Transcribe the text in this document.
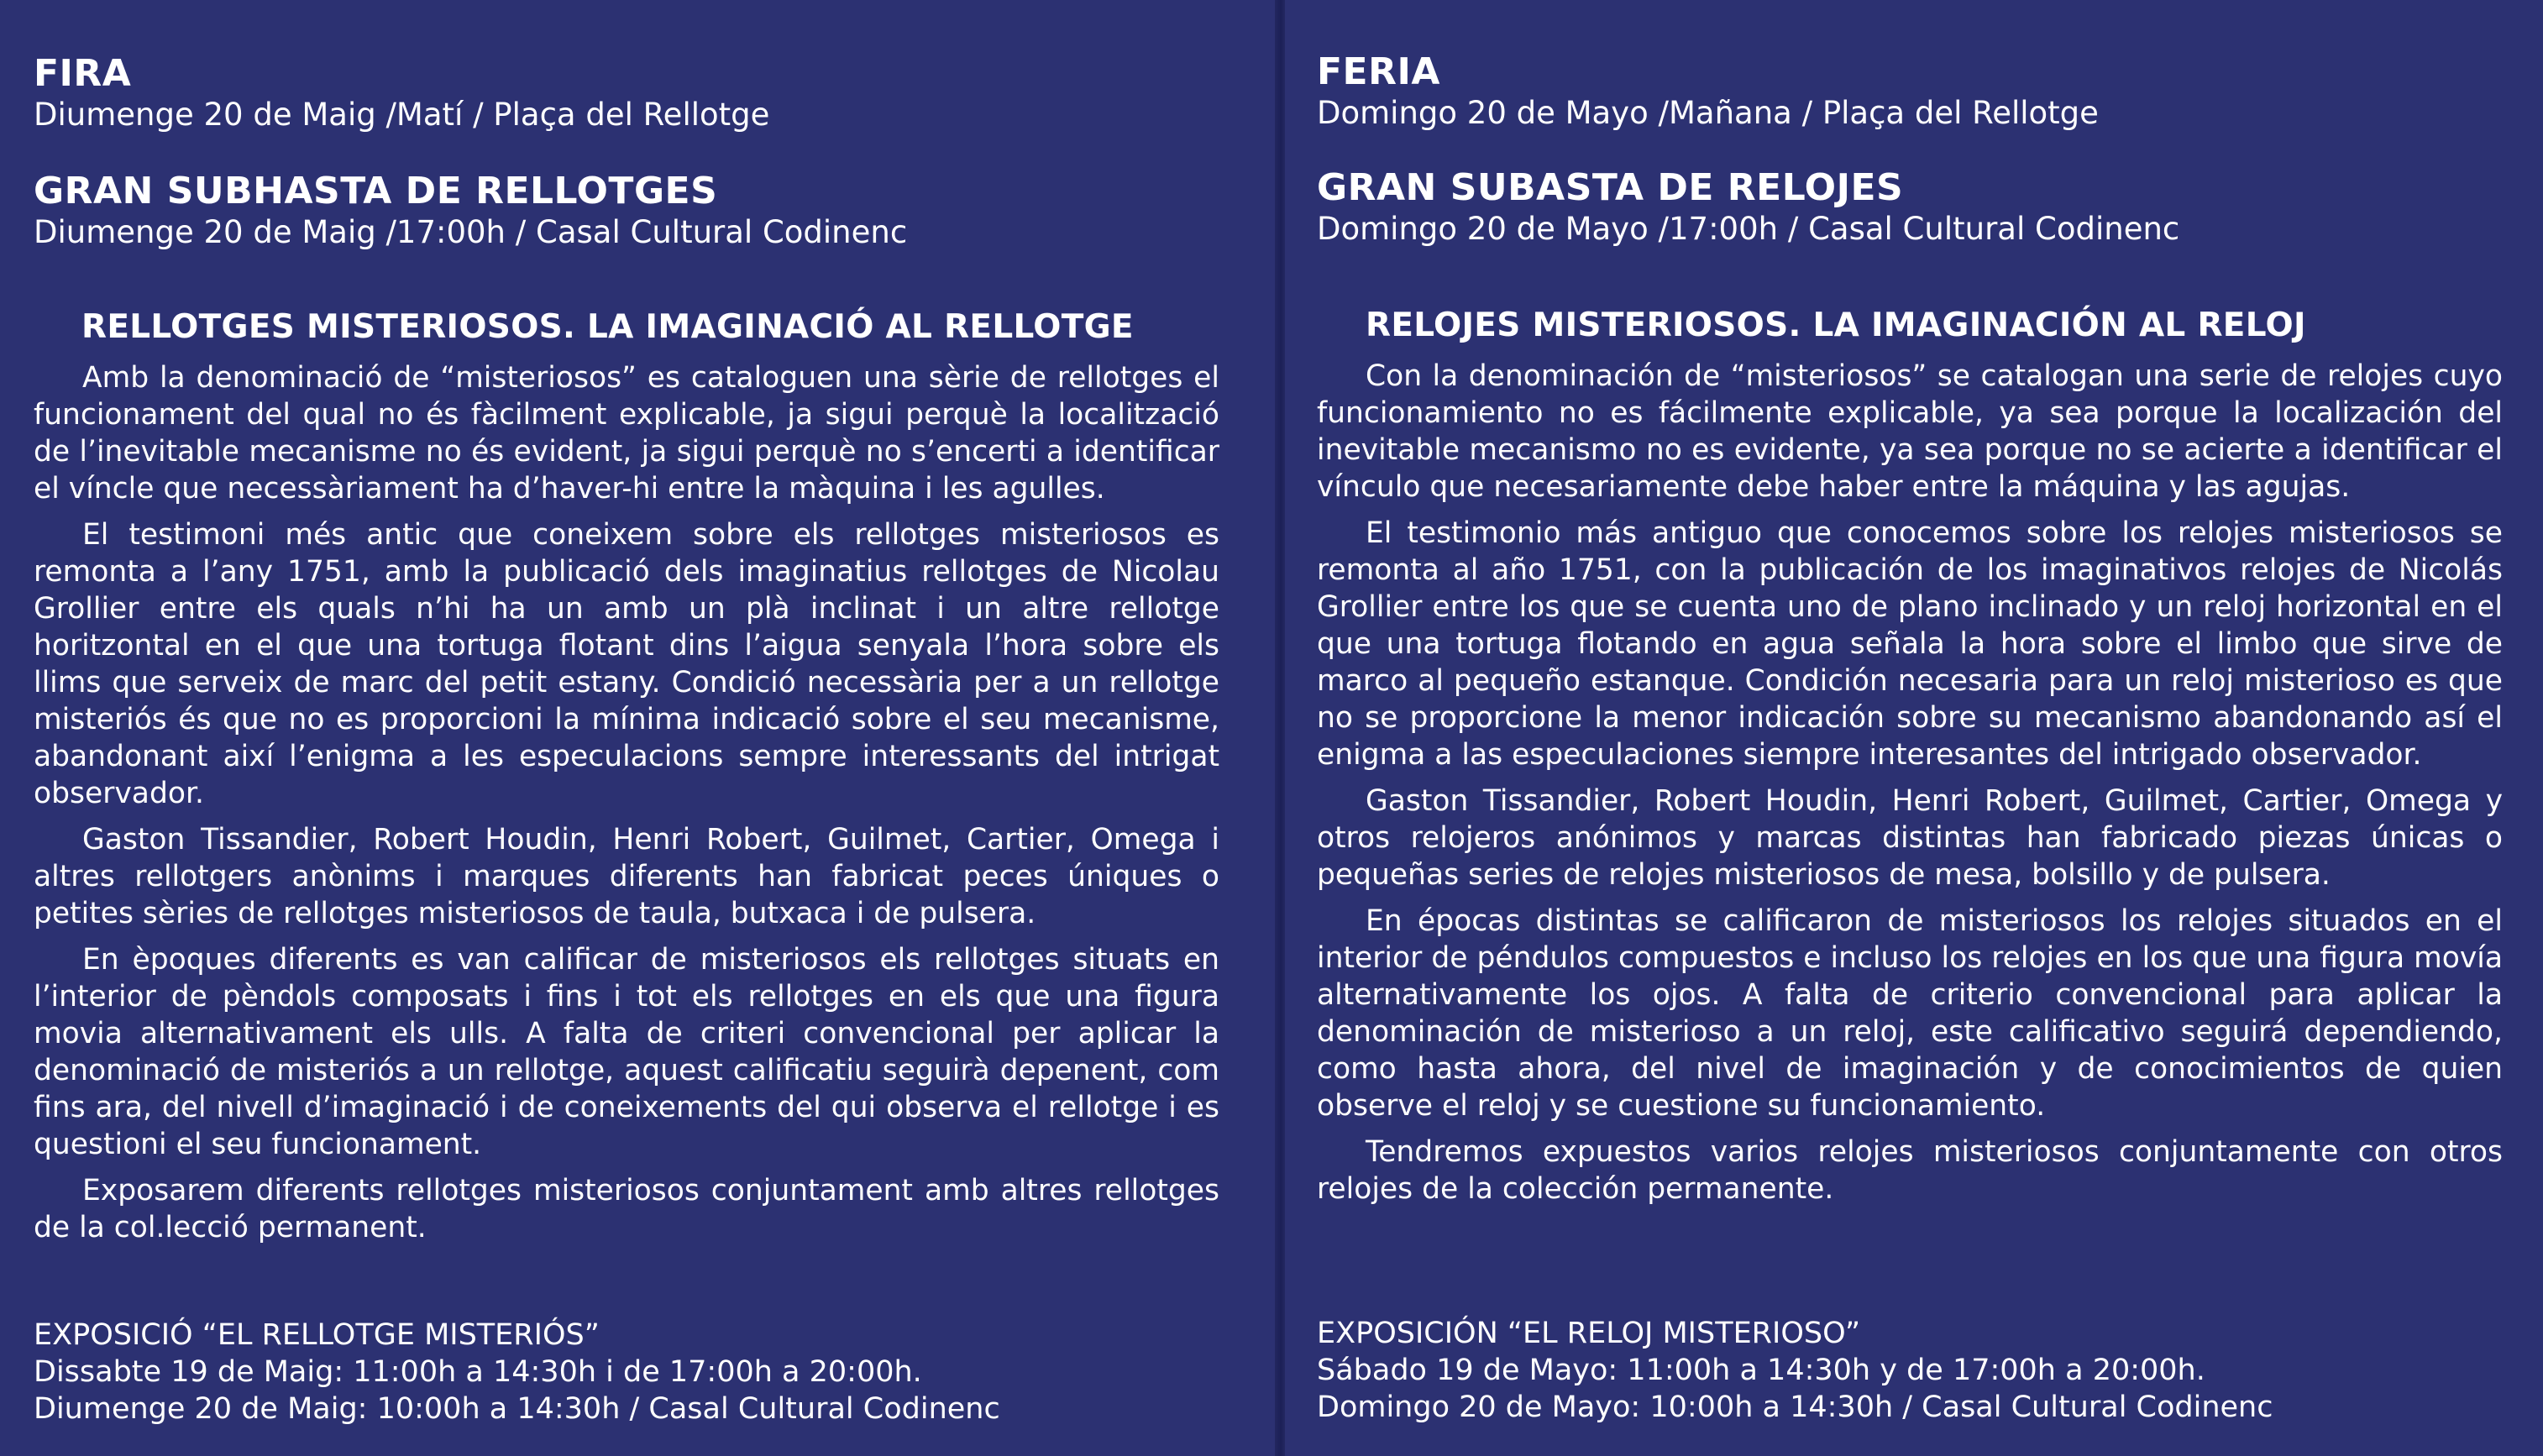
FIRA
Diumenge 20 de Maig /Matí / Plaça del Rellotge
GRAN SUBHASTA DE RELLOTGES
Diumenge 20 de Maig /17:00h / Casal Cultural Codinenc
RELLOTGES MISTERIOSOS. LA IMAGINACIÓ AL RELLOTGE

Amb la denominació de “misteriosos” es cataloguen una sèrie de rellotges el funcionament del qual no és fàcilment explicable, ja sigui perquè la localització de l’inevitable mecanisme no és evident, ja sigui perquè no s’encerti a identificar el víncle que necessàriament ha d’haver-hi entre la màquina i les agulles.

El testimoni més antic que coneixem sobre els rellotges misteriosos es remonta a l’any 1751, amb la publicació dels imaginatius rellotges de Nicolau Grollier entre els quals n’hi ha un amb un plà inclinat i un altre rellotge horitzontal en el que una tortuga flotant dins l’aigua senyala l’hora sobre els llims que serveix de marc del petit estany. Condició necessària per a un rellotge misteriós és que no es proporcioni la mínima indicació sobre el seu mecanisme, abandonant així l’enigma a les especulacions sempre interessants del intrigat observador.

Gaston Tissandier, Robert Houdin, Henri Robert, Guilmet, Cartier, Omega i altres rellotgers anònims i marques diferents han fabricat peces úniques o petites sèries de rellotges misteriosos de taula, butxaca i de pulsera.

En èpoques diferents es van calificar de misteriosos els rellotges situats en l’interior de pèndols composats i fins i tot els rellotges en els que una figura movia alternativament els ulls. A falta de criteri convencional per aplicar la denominació de misteriós a un rellotge, aquest calificatiu seguirà depenent, com fins ara, del nivell d’imaginació i de coneixements del qui observa el rellotge i es questioni el seu funcionament.

Exposarem diferents rellotges misteriosos conjuntament amb altres rellotges de la col.lecció permanent.

EXPOSICIÓ “EL RELLOTGE MISTERIÓS”
Dissabte 19 de Maig: 11:00h a 14:30h i de 17:00h a 20:00h.
Diumenge 20 de Maig: 10:00h a 14:30h / Casal Cultural Codinenc
FERIA
Domingo 20 de Mayo /Mañana / Plaça del Rellotge
GRAN SUBASTA DE RELOJES
Domingo 20 de Mayo /17:00h / Casal Cultural Codinenc
RELOJES MISTERIOSOS. LA IMAGINACIÓN AL RELOJ

Con la denominación de “misteriosos” se catalogan una serie de relojes cuyo funcionamiento no es fácilmente explicable, ya sea porque la localización del inevitable mecanismo no es evidente, ya sea porque no se acierte a identificar el vínculo que necesariamente debe haber entre la máquina y las agujas.

El testimonio más antiguo que conocemos sobre los relojes misteriosos se remonta al año 1751, con la publicación de los imaginativos relojes de Nicolás Grollier entre los que se cuenta uno de plano inclinado y un reloj horizontal en el que una tortuga flotando en agua señala la hora sobre el limbo que sirve de marco al pequeño estanque. Condición necesaria para un reloj misterioso es que no se proporcione la menor indicación sobre su mecanismo abandonando así el enigma a las especulaciones siempre interesantes del intrigado observador.

Gaston Tissandier, Robert Houdin, Henri Robert, Guilmet, Cartier, Omega y otros relojeros anónimos y marcas distintas han fabricado piezas únicas o pequeñas series de relojes misteriosos de mesa, bolsillo y de pulsera.

En épocas distintas se calificaron de misteriosos los relojes situados en el interior de péndulos compuestos e incluso los relojes en los que una figura movía alternativamente los ojos. A falta de criterio convencional para aplicar la denominación de misterioso a un reloj, este calificativo seguirá dependiendo, como hasta ahora, del nivel de imaginación y de conocimientos de quien observe el reloj y se cuestione su funcionamiento.

Tendremos expuestos varios relojes misteriosos conjuntamente con otros relojes de la colección permanente.

EXPOSICIÓN “EL RELOJ MISTERIOSO”
Sábado 19 de Mayo: 11:00h a 14:30h y de 17:00h a 20:00h.
Domingo 20 de Mayo: 10:00h a 14:30h / Casal Cultural Codinenc
